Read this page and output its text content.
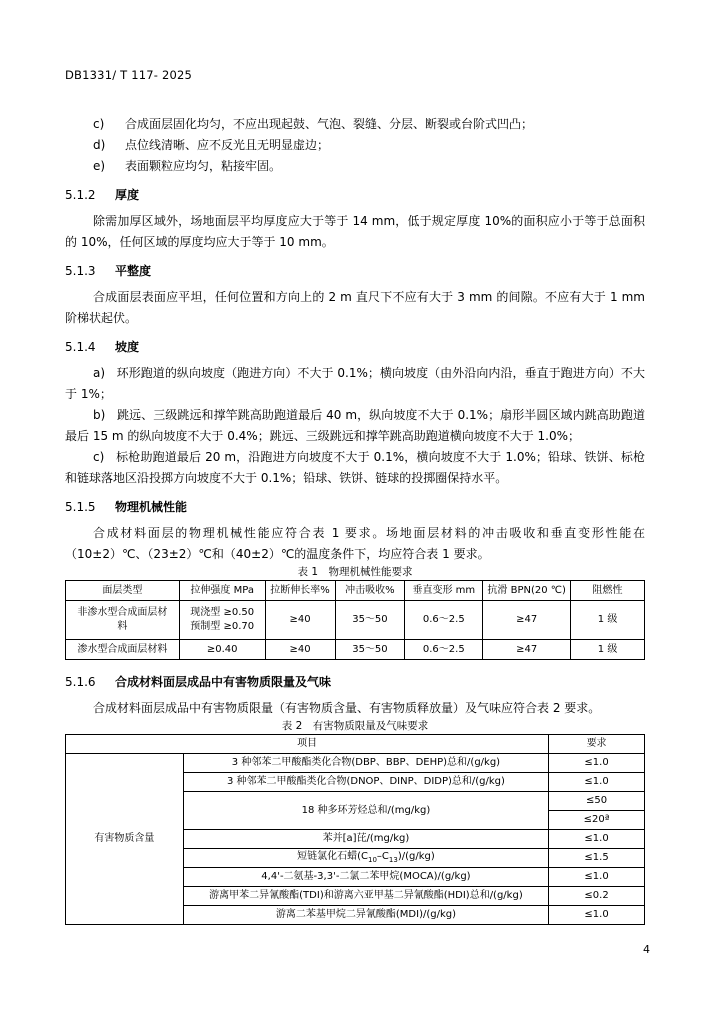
DB1331/ T 117- 2025
c) 合成面层固化均匀，不应出现起鼓、气泡、裂缝、分层、断裂或台阶式凹凸；
d) 点位线清晰、应不反光且无明显虚边；
e) 表面颗粒应均匀，粘接牢固。
5.1.2 厚度

除需加厚区域外，场地面层平均厚度应大于等于 14 mm，低于规定厚度 10%的面积应小于等于总面积的 10%，任何区域的厚度均应大于等于 10 mm。

5.1.3 平整度

合成面层表面应平坦，任何位置和方向上的 2 m 直尺下不应有大于 3 mm 的间隙。不应有大于 1 mm 阶梯状起伏。

5.1.4 坡度

a) 环形跑道的纵向坡度（跑进方向）不大于 0.1%；横向坡度（由外沿向内沿，垂直于跑进方向）不大于 1%；

b) 跳远、三级跳远和撑竿跳高助跑道最后 40 m，纵向坡度不大于 0.1%；扇形半圆区域内跳高助跑道最后 15 m 的纵向坡度不大于 0.4%；跳远、三级跳远和撑竿跳高助跑道横向坡度不大于 1.0%；

c) 标枪助跑道最后 20 m，沿跑进方向坡度不大于 0.1%，横向坡度不大于 1.0%；铅球、铁饼、标枪和链球落地区沿投掷方向坡度不大于 0.1%；铅球、铁饼、链球的投掷圈保持水平。

5.1.5 物理机械性能

合成材料面层的物理机械性能应符合表 1 要求。场地面层材料的冲击吸收和垂直变形性能在（10±2）℃、（23±2）℃和（40±2）℃的温度条件下，均应符合表 1 要求。

表 1　物理机械性能要求

面层类型	拉伸强度 MPa	拉断伸长率%	冲击吸收%	垂直变形 mm	抗滑 BPN(20 ℃)	阻燃性
非渗水型合成面层材料	现浇型 ≥0.50
预制型 ≥0.70	≥40	35～50	0.6～2.5	≥47	1 级
渗水型合成面层材料	≥0.40	≥40	35～50	0.6～2.5	≥47	1 级
5.1.6 合成材料面层成品中有害物质限量及气味

合成材料面层成品中有害物质限量（有害物质含量、有害物质释放量）及气味应符合表 2 要求。

表 2　有害物质限量及气味要求

项目		要求
有害物质含量	3 种邻苯二甲酸酯类化合物(DBP、BBP、DEHP)总和/(g/kg)	≤1.0
	3 种邻苯二甲酸酯类化合物(DNOP、DINP、DIDP)总和/(g/kg)	≤1.0
	18 种多环芳烃总和/(mg/kg)	≤50
		≤20ª
	苯并[a]芘/(mg/kg)	≤1.0
	短链氯化石蜡$(C_{10}-C_{13})/(g/kg)$	≤1.5
	4,4'-二氨基-3,3'-二氯二苯甲烷(MOCA)/(g/kg)	≤1.0
	游离甲苯二异氰酸酯(TDI)和游离六亚甲基二异氰酸酯(HDI)总和/(g/kg)	≤0.2
	游离二苯基甲烷二异氰酸酯(MDI)/(g/kg)	≤1.0
4
